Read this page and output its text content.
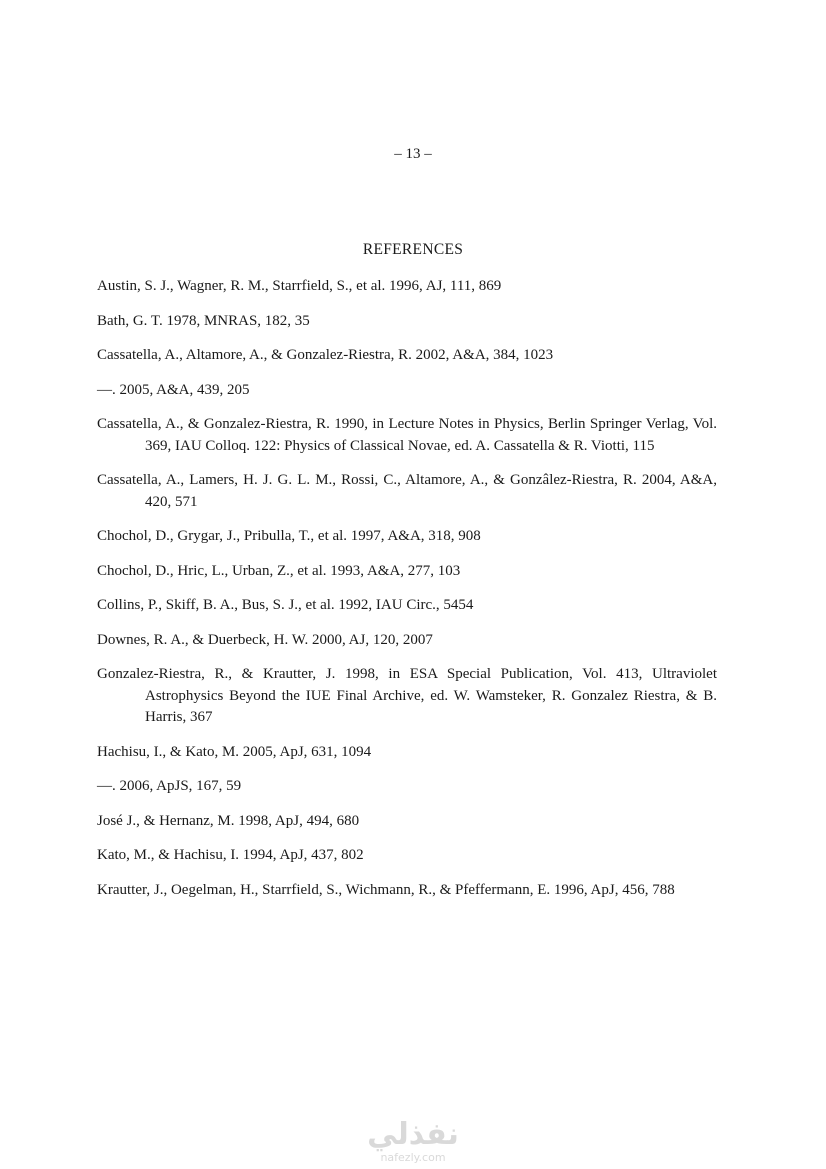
– 13 –
REFERENCES
Austin, S. J., Wagner, R. M., Starrfield, S., et al. 1996, AJ, 111, 869
Bath, G. T. 1978, MNRAS, 182, 35
Cassatella, A., Altamore, A., & Gonzalez-Riestra, R. 2002, A&A, 384, 1023
—. 2005, A&A, 439, 205
Cassatella, A., & Gonzalez-Riestra, R. 1990, in Lecture Notes in Physics, Berlin Springer Verlag, Vol. 369, IAU Colloq. 122: Physics of Classical Novae, ed. A. Cassatella & R. Viotti, 115
Cassatella, A., Lamers, H. J. G. L. M., Rossi, C., Altamore, A., & Gonzâlez-Riestra, R. 2004, A&A, 420, 571
Chochol, D., Grygar, J., Pribulla, T., et al. 1997, A&A, 318, 908
Chochol, D., Hric, L., Urban, Z., et al. 1993, A&A, 277, 103
Collins, P., Skiff, B. A., Bus, S. J., et al. 1992, IAU Circ., 5454
Downes, R. A., & Duerbeck, H. W. 2000, AJ, 120, 2007
Gonzalez-Riestra, R., & Krautter, J. 1998, in ESA Special Publication, Vol. 413, Ultraviolet Astrophysics Beyond the IUE Final Archive, ed. W. Wamsteker, R. Gonzalez Riestra, & B. Harris, 367
Hachisu, I., & Kato, M. 2005, ApJ, 631, 1094
—. 2006, ApJS, 167, 59
José J., & Hernanz, M. 1998, ApJ, 494, 680
Kato, M., & Hachisu, I. 1994, ApJ, 437, 802
Krautter, J., Oegelman, H., Starrfield, S., Wichmann, R., & Pfeffermann, E. 1996, ApJ, 456, 788
نفذلي
nafezly.com
